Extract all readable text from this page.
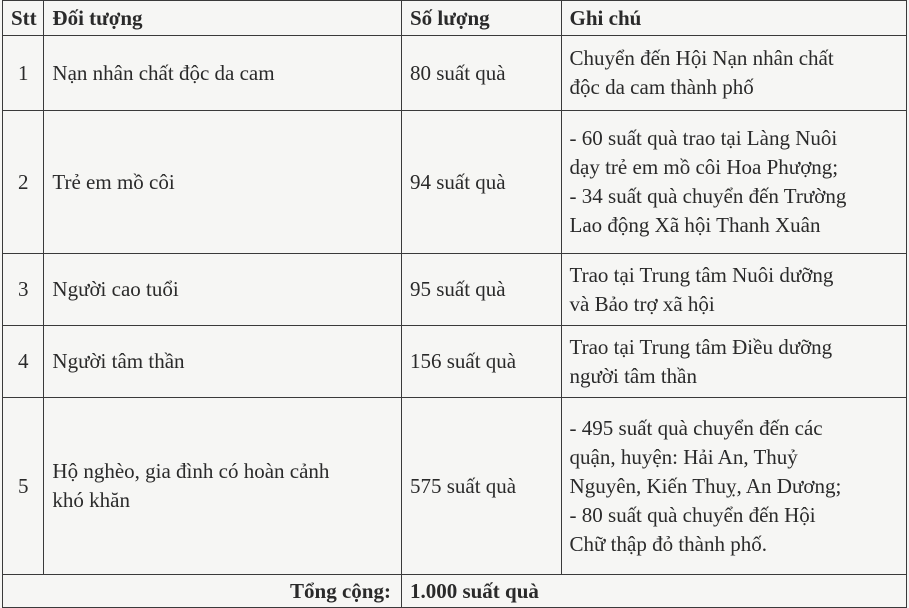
Stt	Đối tượng	Số lượng	Ghi chú
1	Nạn nhân chất độc da cam	80 suất quà	Chuyển đến Hội Nạn nhân chất
độc da cam thành phố

2	Trẻ em mồ côi	94 suất quà	- 60 suất quà trao tại Làng Nuôi
dạy trẻ em mồ côi Hoa Phượng;
- 34 suất quà chuyển đến Trường
Lao động Xã hội Thanh Xuân

3	Người cao tuổi	95 suất quà	Trao tại Trung tâm Nuôi dưỡng
và Bảo trợ xã hội

4	Người tâm thần	156 suất quà	Trao tại Trung tâm Điều dưỡng
người tâm thần

5	Hộ nghèo, gia đình có hoàn cảnh
khó khăn	575 suất quà	- 495 suất quà chuyển đến các
quận, huyện: Hải An, Thuỷ
Nguyên, Kiến Thuỵ, An Dương;
- 80 suất quà chuyển đến Hội
Chữ thập đỏ thành phố.

Tổng cộng:		1.000 suất quà	
